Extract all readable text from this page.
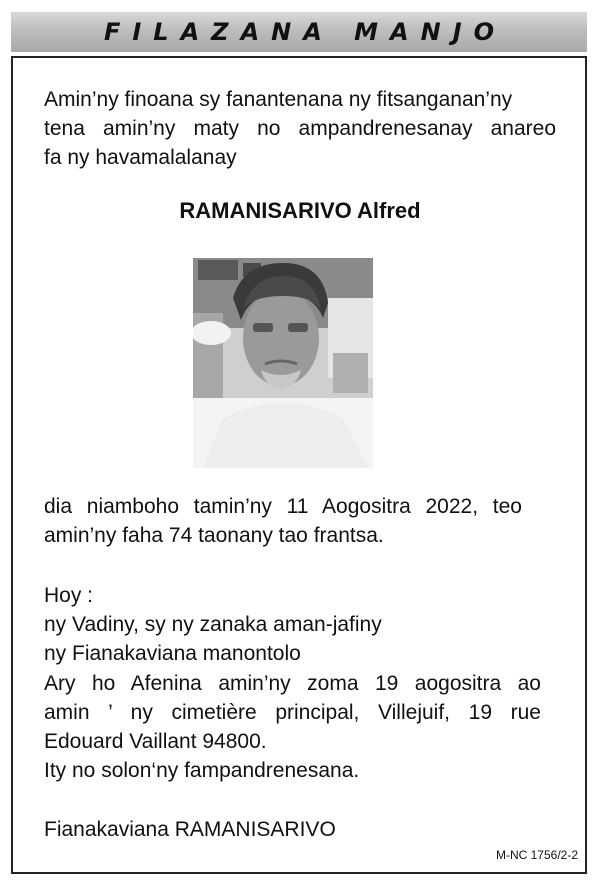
FILAZANA MANJO
Amin’ny finoana sy fanantenana ny fitsanganan’ny
tena amin’ny maty no ampandrenesanay anareo
fa ny havamalalanay
RAMANISARIVO Alfred
dia niamboho tamin’ny 11 Aogositra 2022, teo
amin’ny faha 74 taonany tao frantsa.
Hoy :
ny Vadiny, sy ny zanaka aman-jafiny
ny Fianakaviana manontolo
Ary ho Afenina amin’ny zoma 19 aogositra ao
amin ’ ny cimetière principal, Villejuif, 19 rue
Edouard Vaillant 94800.
Ity no solon‘ny fampandrenesana.
Fianakaviana RAMANISARIVO
M-NC 1756/2-2
